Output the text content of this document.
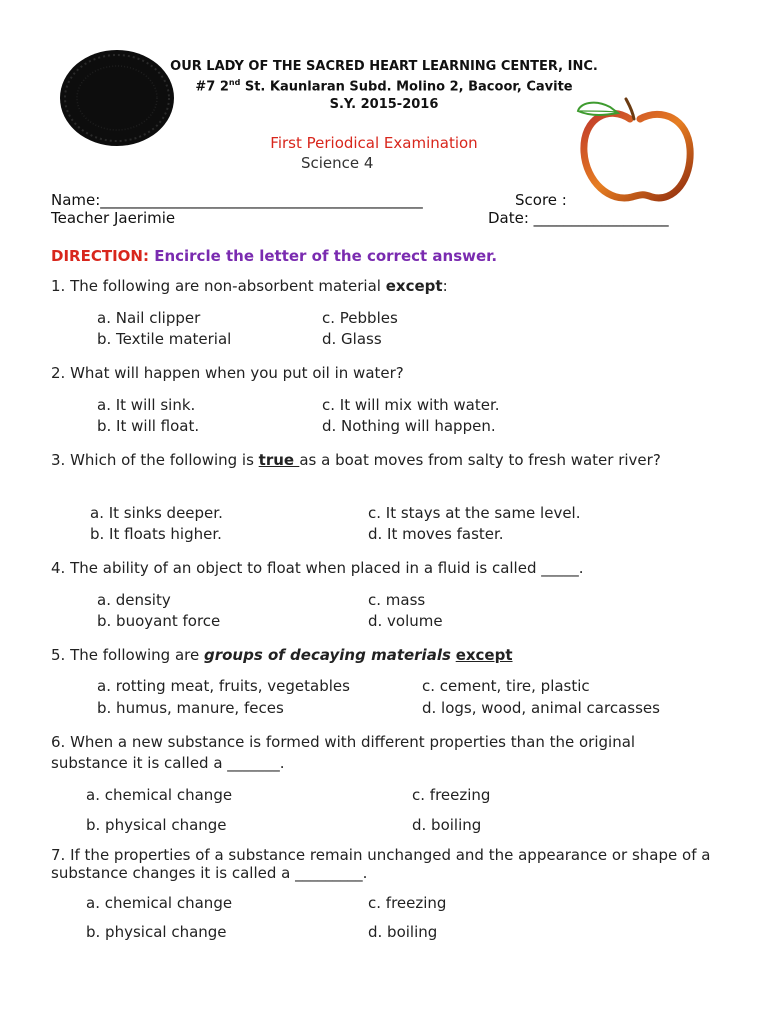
OUR LADY OF THE SACRED HEART LEARNING CENTER, INC.
#7 2nd St. Kaunlaran Subd. Molino 2, Bacoor, Cavite
S.Y. 2015-2016
First Periodical Examination
Science 4
Name:___________________________________________	Score :
Teacher Jaerimie	Date: __________________
DIRECTION: Encircle the letter of the correct answer.
1. The following are non-absorbent material except:
a. Nail clipper
b. Textile material
c. Pebbles
d. Glass
2. What will happen when you put oil in water?
a. It will sink.
b. It will float.
c. It will mix with water.
d. Nothing will happen.
3. Which of the following is true as a boat moves from salty to fresh water river?
a. It sinks deeper.
b. It floats higher.
c. It stays at the same level.
d. It moves faster.
4. The ability of an object to float when placed in a fluid is called _____.
a. density
b. buoyant force
c. mass
d. volume
5. The following are groups of decaying materials except
a. rotting meat, fruits, vegetables
b. humus, manure, feces
c. cement, tire, plastic
d. logs, wood, animal carcasses
6. When a new substance is formed with different properties than the original substance it is called a _______.
a. chemical change
b. physical change
c. freezing
d. boiling
7. If the properties of a substance remain unchanged and the appearance or shape of a substance changes it is called a _________.
a. chemical change
b. physical change
c. freezing
d. boiling
